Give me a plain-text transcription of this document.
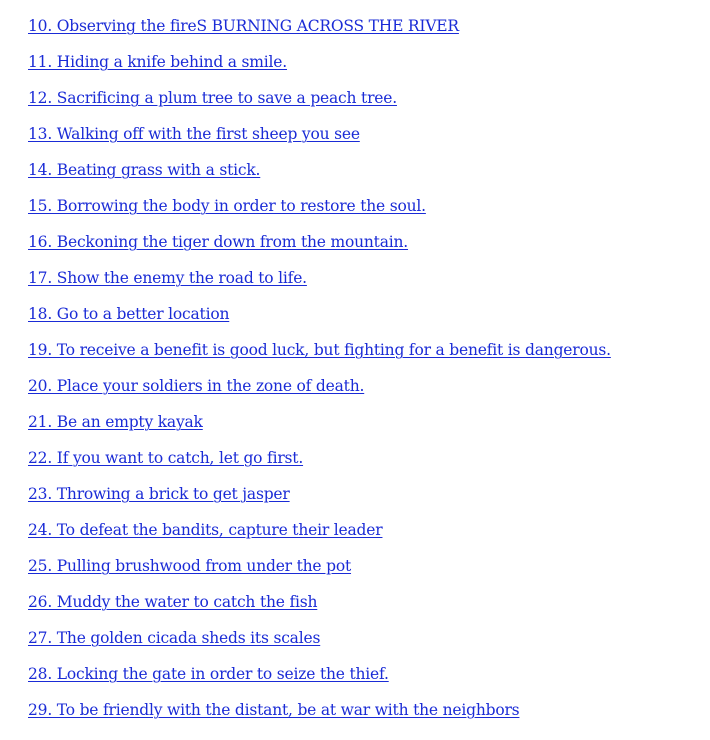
10. Observing the fireS BURNING ACROSS THE RIVER
11. Hiding a knife behind a smile.
12. Sacrificing a plum tree to save a peach tree.
13. Walking off with the first sheep you see
14. Beating grass with a stick.
15. Borrowing the body in order to restore the soul.
16. Beckoning the tiger down from the mountain.
17. Show the enemy the road to life.
18. Go to a better location
19. To receive a benefit is good luck, but fighting for a benefit is dangerous.
20. Place your soldiers in the zone of death.
21. Be an empty kayak
22. If you want to catch, let go first.
23. Throwing a brick to get jasper
24. To defeat the bandits, capture their leader
25. Pulling brushwood from under the pot
26. Muddy the water to catch the fish
27. The golden cicada sheds its scales
28. Locking the gate in order to seize the thief.
29. To be friendly with the distant, be at war with the neighbors
